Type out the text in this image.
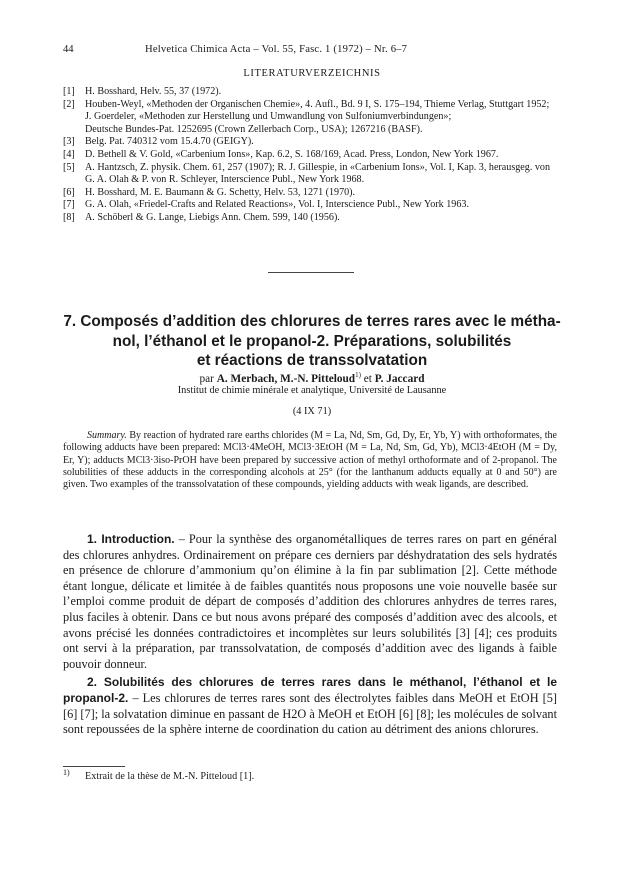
44	Helvetica Chimica Acta – Vol. 55, Fasc. 1 (1972) – Nr. 6–7
LITERATURVERZEICHNIS
[1] H. Bosshard, Helv. 55, 37 (1972).
[2] Houben-Weyl, «Methoden der Organischen Chemie», 4. Aufl., Bd. 9 I, S. 175–194, Thieme Verlag, Stuttgart 1952; J. Goerdeler, «Methoden zur Herstellung und Umwandlung von Sulfoniumverbindungen»;
Deutsche Bundes-Pat. 1252695 (Crown Zellerbach Corp., USA); 1267216 (BASF).
[3] Belg. Pat. 740312 vom 15.4.70 (GEIGY).
[4] D. Bethell & V. Gold, «Carbenium Ions», Kap. 6.2, S. 168/169, Acad. Press, London, New York 1967.
[5] A. Hantzsch, Z. physik. Chem. 61, 257 (1907); R. J. Gillespie, in «Carbenium Ions», Vol. I, Kap. 3, herausgeg. von G. A. Olah & P. von R. Schleyer, Interscience Publ., New York 1968.
[6] H. Bosshard, M. E. Baumann & G. Schetty, Helv. 53, 1271 (1970).
[7] G. A. Olah, «Friedel-Crafts and Related Reactions», Vol. I, Interscience Publ., New York 1963.
[8] A. Schöberl & G. Lange, Liebigs Ann. Chem. 599, 140 (1956).
7. Composés d’addition des chlorures de terres rares avec le métha-
nol, l’éthanol et le propanol-2. Préparations, solubilités
et réactions de transsolvatation
par A. Merbach, M.-N. Pitteloud$^{1)}$ et P. Jaccard
Institut de chimie minérale et analytique, Université de Lausanne
(4 IX 71)
Summary. By reaction of hydrated rare earths chlorides (M = La, Nd, Sm, Gd, Dy, Er, Yb, Y) with orthoformates, the following adducts have been prepared: MCl3·4MeOH, MCl3·3EtOH (M = La, Nd, Sm, Gd, Yb), MCl3·4EtOH (M = Dy, Er, Y); adducts MCl3·3iso-PrOH have been prepared by successive action of methyl orthoformate and of 2-propanol. The solubilities of these adducts in the corresponding alcohols at 25° (for the lanthanum adducts equally at 0 and 50°) are given. Two examples of the transsolvatation of these compounds, yielding adducts with weak ligands, are described.

1. Introduction. – Pour la synthèse des organométalliques de terres rares on part en général des chlorures anhydres. Ordinairement on prépare ces derniers par déshydratation des sels hydratés en présence de chlorure d’ammonium qu’on élimine à la fin par sublimation [2]. Cette méthode étant longue, délicate et limitée à de faibles quantités nous proposons une voie nouvelle basée sur l’emploi comme produit de départ de composés d’addition des chlorures anhydres de terres rares, plus faciles à obtenir. Dans ce but nous avons préparé des composés d’addition avec des alcools, et avons précisé les données contradictoires et incomplètes sur leurs solubilités [3] [4]; ces produits ont servi à la préparation, par transsolvatation, de composés d’addition avec des ligands à faible pouvoir donneur.

2. Solubilités des chlorures de terres rares dans le méthanol, l’éthanol et le propanol-2. – Les chlorures de terres rares sont des électrolytes faibles dans MeOH et EtOH [5] [6] [7]; la solvatation diminue en passant de H2O à MeOH et EtOH [6] [8]; les molécules de solvant sont repoussées de la sphère interne de coordination du cation au détriment des anions chlorures.

1) Extrait de la thèse de M.-N. Pitteloud [1].
